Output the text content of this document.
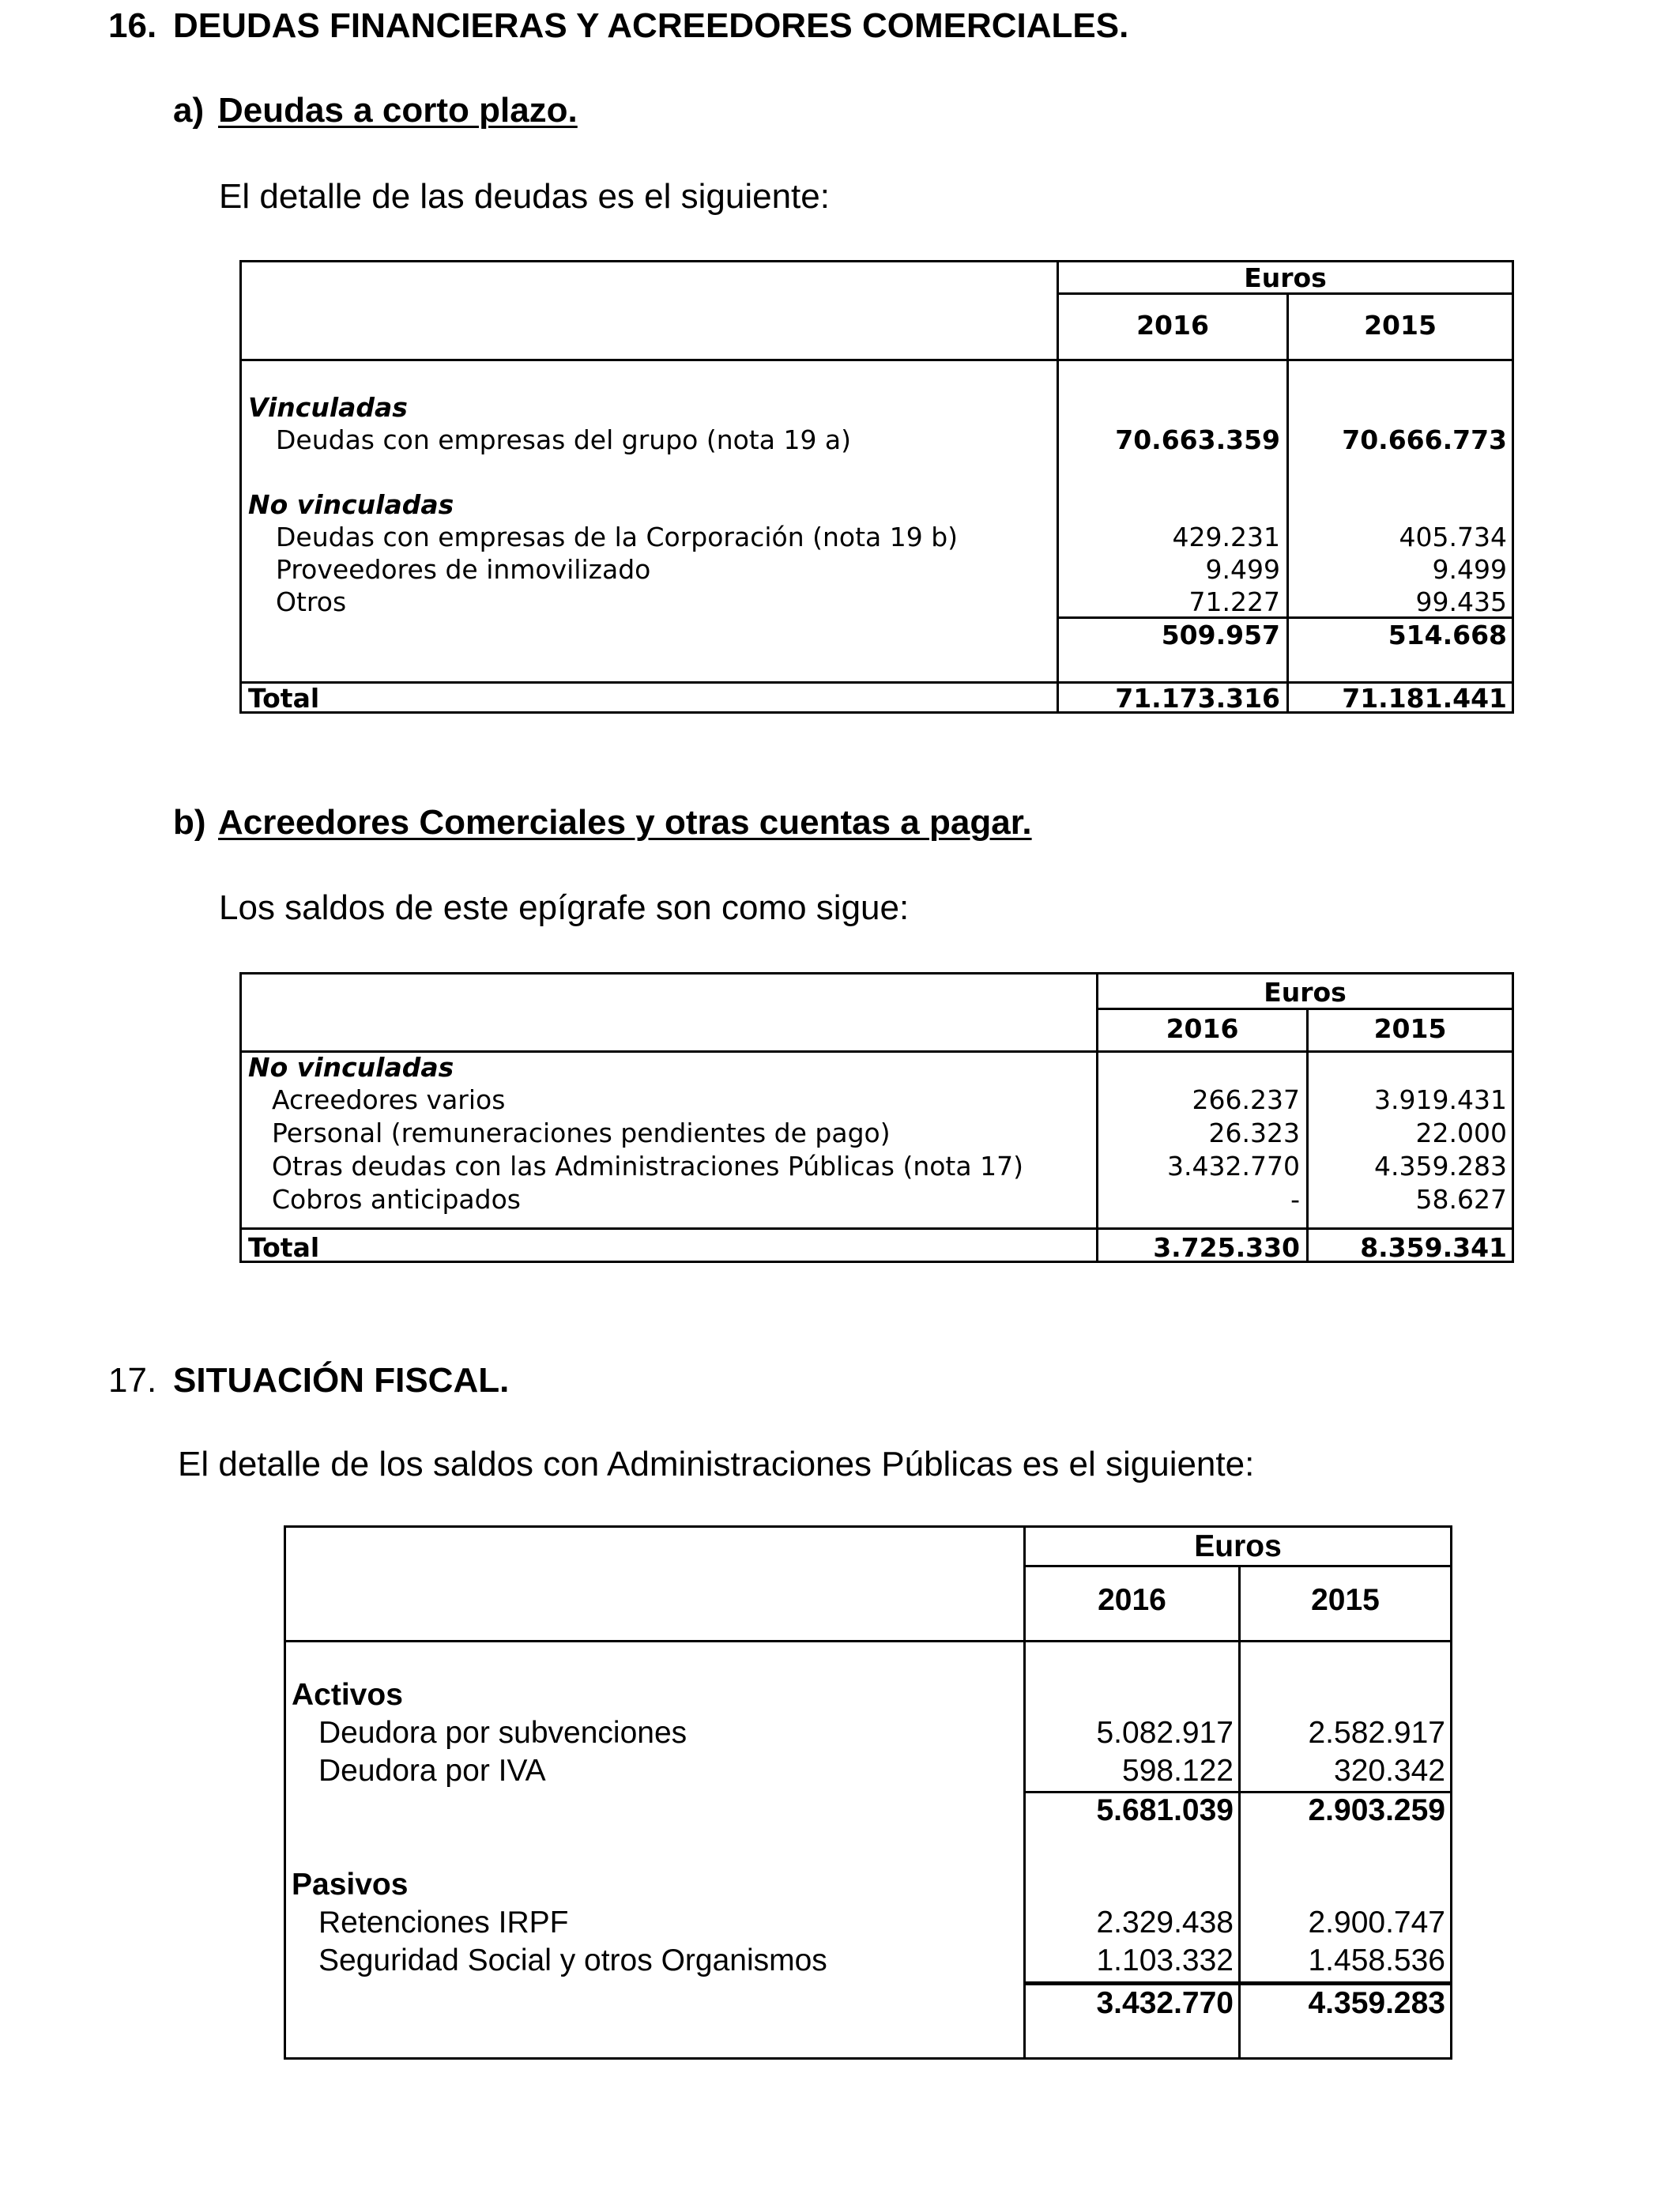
16. DEUDAS FINANCIERAS Y ACREEDORES COMERCIALES.
a) Deudas a corto plazo.
El detalle de las deudas es el siguiente:
Euros
2016	2015
Vinculadas
Deudas con empresas del grupo (nota 19 a)	70.663.359	70.666.773
No vinculadas
Deudas con empresas de la Corporación (nota 19 b)	429.231	405.734
Proveedores de inmovilizado	9.499	9.499
Otros	71.227	99.435
509.957	514.668
Total	71.173.316	71.181.441
b) Acreedores Comerciales y otras cuentas a pagar.
Los saldos de este epígrafe son como sigue:
Euros
2016	2015
No vinculadas
Acreedores varios	266.237	3.919.431
Personal (remuneraciones pendientes de pago)	26.323	22.000
Otras deudas con las Administraciones Públicas (nota 17)	3.432.770	4.359.283
Cobros anticipados	-	58.627
Total	3.725.330	8.359.341
17. SITUACIÓN FISCAL.
El detalle de los saldos con Administraciones Públicas es el siguiente:
Euros
2016	2015
Activos
Deudora por subvenciones	5.082.917	2.582.917
Deudora por IVA	598.122	320.342
5.681.039	2.903.259
Pasivos
Retenciones IRPF	2.329.438	2.900.747
Seguridad Social y otros Organismos	1.103.332	1.458.536
3.432.770	4.359.283
